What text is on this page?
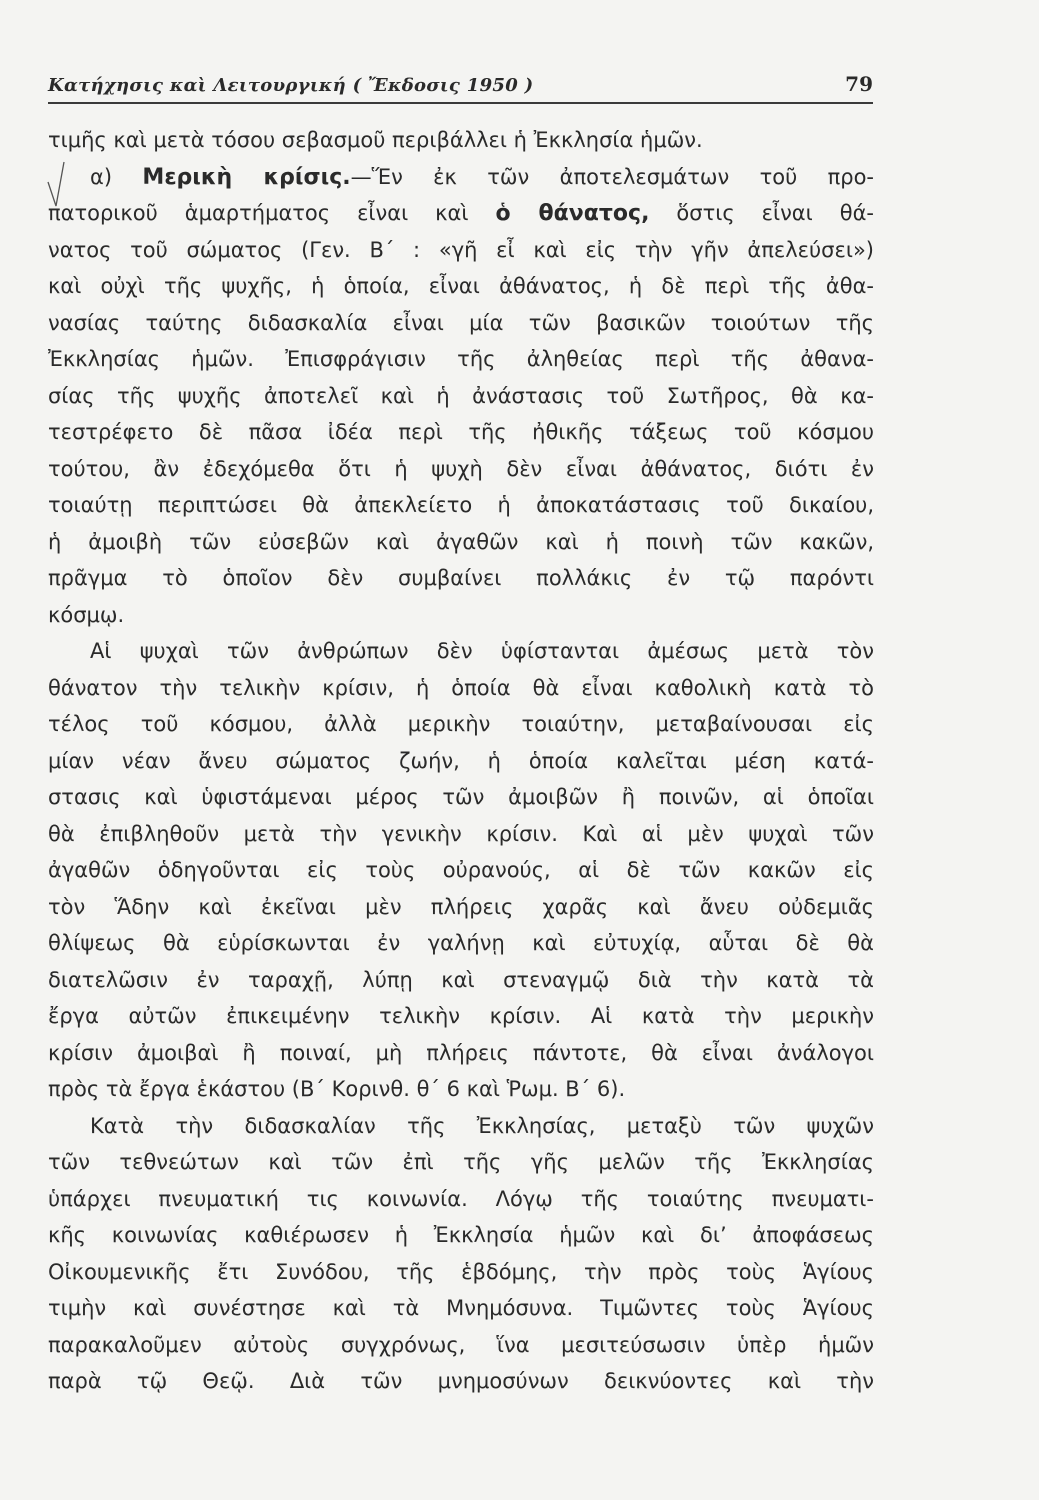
Κατήχησις καὶ Λειτουργική ( Ἔκδοσις 1950 )	79
τιμῆς καὶ μετὰ τόσου σεβασμοῦ περιβάλλει ἡ Ἐκκλησία ἡμῶν.
α) Μερικὴ κρίσις.—Ἕν ἐκ τῶν ἀποτελεσμάτων τοῦ προ-
πατορικοῦ ἁμαρτήματος εἶναι καὶ ὁ θάνατος, ὅστις εἶναι θά-
νατος τοῦ σώματος (Γεν. Β΄ : «γῆ εἶ καὶ εἰς τὴν γῆν ἀπελεύσει»)
καὶ οὐχὶ τῆς ψυχῆς, ἡ ὁποία, εἶναι ἀθάνατος, ἡ δὲ περὶ τῆς ἀθα-
νασίας ταύτης διδασκαλία εἶναι μία τῶν βασικῶν τοιούτων τῆς
Ἐκκλησίας ἡμῶν. Ἐπισφράγισιν τῆς ἀληθείας περὶ τῆς ἀθανα-
σίας τῆς ψυχῆς ἀποτελεῖ καὶ ἡ ἀνάστασις τοῦ Σωτῆρος, θὰ κα-
τεστρέφετο δὲ πᾶσα ἰδέα περὶ τῆς ἠθικῆς τάξεως τοῦ κόσμου
τούτου, ἂν ἐδεχόμεθα ὅτι ἡ ψυχὴ δὲν εἶναι ἀθάνατος, διότι ἐν
τοιαύτῃ περιπτώσει θὰ ἀπεκλείετο ἡ ἀποκατάστασις τοῦ δικαίου,
ἡ ἀμοιβὴ τῶν εὐσεβῶν καὶ ἀγαθῶν καὶ ἡ ποινὴ τῶν κακῶν,
πρᾶγμα τὸ ὁποῖον δὲν συμβαίνει πολλάκις ἐν τῷ παρόντι
κόσμῳ.
Αἱ ψυχαὶ τῶν ἀνθρώπων δὲν ὑφίστανται ἀμέσως μετὰ τὸν
θάνατον τὴν τελικὴν κρίσιν, ἡ ὁποία θὰ εἶναι καθολικὴ κατὰ τὸ
τέλος τοῦ κόσμου, ἀλλὰ μερικὴν τοιαύτην, μεταβαίνουσαι εἰς
μίαν νέαν ἄνευ σώματος ζωήν, ἡ ὁποία καλεῖται μέση κατά-
στασις καὶ ὑφιστάμεναι μέρος τῶν ἀμοιβῶν ἢ ποινῶν, αἱ ὁποῖαι
θὰ ἐπιβληθοῦν μετὰ τὴν γενικὴν κρίσιν. Καὶ αἱ μὲν ψυχαὶ τῶν
ἀγαθῶν ὁδηγοῦνται εἰς τοὺς οὐρανούς, αἱ δὲ τῶν κακῶν εἰς
τὸν Ἅδην καὶ ἐκεῖναι μὲν πλήρεις χαρᾶς καὶ ἄνευ οὐδεμιᾶς
θλίψεως θὰ εὑρίσκωνται ἐν γαλήνῃ καὶ εὐτυχίᾳ, αὗται δὲ θὰ
διατελῶσιν ἐν ταραχῇ, λύπῃ καὶ στεναγμῷ διὰ τὴν κατὰ τὰ
ἔργα αὐτῶν ἐπικειμένην τελικὴν κρίσιν. Αἱ κατὰ τὴν μερικὴν
κρίσιν ἀμοιβαὶ ἢ ποιναί, μὴ πλήρεις πάντοτε, θὰ εἶναι ἀνάλογοι
πρὸς τὰ ἔργα ἑκάστου (Β΄ Κορινθ. θ΄ 6 καὶ Ῥωμ. Β΄ 6).
Κατὰ τὴν διδασκαλίαν τῆς Ἐκκλησίας, μεταξὺ τῶν ψυχῶν
τῶν τεθνεώτων καὶ τῶν ἐπὶ τῆς γῆς μελῶν τῆς Ἐκκλησίας
ὑπάρχει πνευματική τις κοινωνία. Λόγῳ τῆς τοιαύτης πνευματι-
κῆς κοινωνίας καθιέρωσεν ἡ Ἐκκλησία ἡμῶν καὶ δι’ ἀποφάσεως
Οἰκουμενικῆς ἔτι Συνόδου, τῆς ἑβδόμης, τὴν πρὸς τοὺς Ἁγίους
τιμὴν καὶ συνέστησε καὶ τὰ Μνημόσυνα. Τιμῶντες τοὺς Ἁγίους
παρακαλοῦμεν αὐτοὺς συγχρόνως, ἵνα μεσιτεύσωσιν ὑπὲρ ἡμῶν
παρὰ τῷ Θεῷ. Διὰ τῶν μνημοσύνων δεικνύοντες καὶ τὴν
